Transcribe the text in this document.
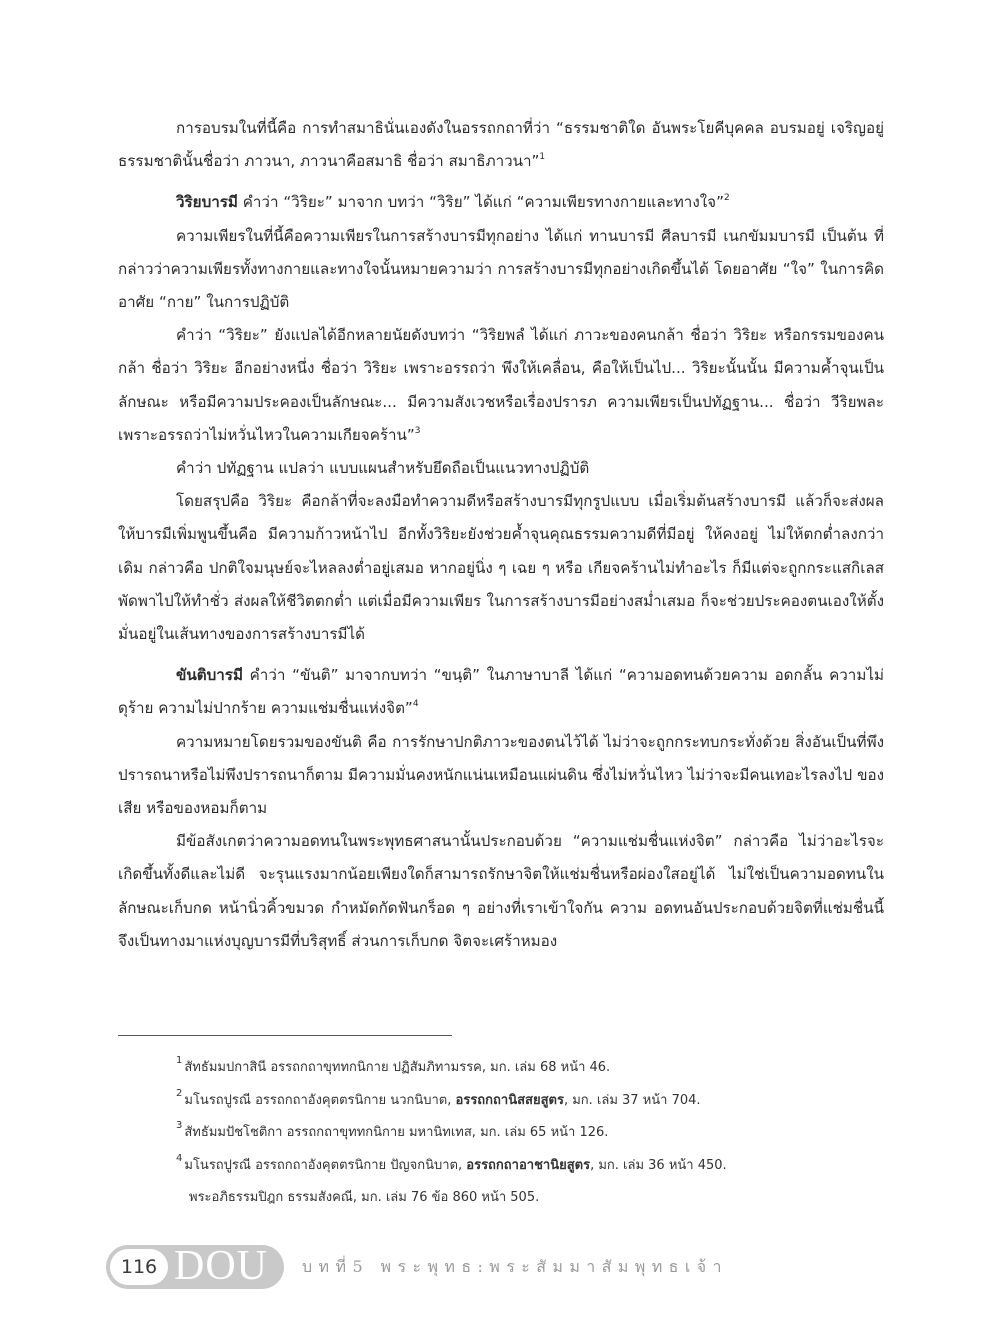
การอบรมในที่นี้คือ การทำสมาธินั่นเองดังในอรรถกถาที่ว่า “ธรรมชาติใด อันพระโยคีบุคคล อบรมอยู่ เจริญอยู่ ธรรมชาตินั้นชื่อว่า ภาวนา, ภาวนาคือสมาธิ ชื่อว่า สมาธิภาวนา”$^1$

วิริยบารมี คำว่า “วิริยะ” มาจาก บทว่า “วิริย” ได้แก่ “ความเพียรทางกายและทางใจ”$^2$

ความเพียรในที่นี้คือความเพียรในการสร้างบารมีทุกอย่าง ได้แก่ ทานบารมี ศีลบารมี เนกขัมมบารมี เป็นต้น ที่กล่าวว่าความเพียรทั้งทางกายและทางใจนั้นหมายความว่า การสร้างบารมีทุกอย่างเกิดขึ้นได้ โดยอาศัย “ใจ” ในการคิด อาศัย “กาย” ในการปฏิบัติ

คำว่า “วิริยะ” ยังแปลได้อีกหลายนัยดังบทว่า “วิริยพลํ ได้แก่ ภาวะของคนกล้า ชื่อว่า วิริยะ หรือกรรมของคนกล้า ชื่อว่า วิริยะ อีกอย่างหนึ่ง ชื่อว่า วิริยะ เพราะอรรถว่า พึงให้เคลื่อน, คือให้เป็นไป... วิริยะนั้นนั้น มีความค้ำจุนเป็นลักษณะ หรือมีความประคองเป็นลักษณะ... มีความสังเวชหรือเรื่องปรารภ ความเพียรเป็นปทัฏฐาน... ชื่อว่า วีริยพละ เพราะอรรถว่าไม่หวั่นไหวในความเกียจคร้าน”$^3$

คำว่า ปทัฏฐาน แปลว่า แบบแผนสำหรับยึดถือเป็นแนวทางปฏิบัติ

โดยสรุปคือ วิริยะ คือกล้าที่จะลงมือทำความดีหรือสร้างบารมีทุกรูปแบบ เมื่อเริ่มต้นสร้างบารมี แล้วก็จะส่งผลให้บารมีเพิ่มพูนขึ้นคือ มีความก้าวหน้าไป อีกทั้งวิริยะยังช่วยค้ำจุนคุณธรรมความดีที่มีอยู่ ให้คงอยู่ ไม่ให้ตกต่ำลงกว่าเดิม กล่าวคือ ปกติใจมนุษย์จะไหลลงต่ำอยู่เสมอ หากอยู่นิ่ง ๆ เฉย ๆ หรือ เกียจคร้านไม่ทำอะไร ก็มีแต่จะถูกกระแสกิเลสพัดพาไปให้ทำชั่ว ส่งผลให้ชีวิตตกต่ำ แต่เมื่อมีความเพียร ในการสร้างบารมีอย่างสม่ำเสมอ ก็จะช่วยประคองตนเองให้ตั้งมั่นอยู่ในเส้นทางของการสร้างบารมีได้

ขันติบารมี คำว่า “ขันติ” มาจากบทว่า “ขนฺติ” ในภาษาบาลี ได้แก่ “ความอดทนด้วยความ อดกลั้น ความไม่ดุร้าย ความไม่ปากร้าย ความแช่มชื่นแห่งจิต”$^4$

ความหมายโดยรวมของขันติ คือ การรักษาปกติภาวะของตนไว้ได้ ไม่ว่าจะถูกกระทบกระทั่งด้วย สิ่งอันเป็นที่พึงปรารถนาหรือไม่พึงปรารถนาก็ตาม มีความมั่นคงหนักแน่นเหมือนแผ่นดิน ซึ่งไม่หวั่นไหว ไม่ว่าจะมีคนเทอะไรลงไป ของเสีย หรือของหอมก็ตาม

มีข้อสังเกตว่าความอดทนในพระพุทธศาสนานั้นประกอบด้วย “ความแช่มชื่นแห่งจิต” กล่าวคือ ไม่ว่าอะไรจะเกิดขึ้นทั้งดีและไม่ดี จะรุนแรงมากน้อยเพียงใดก็สามารถรักษาจิตให้แช่มชื่นหรือผ่องใสอยู่ได้ ไม่ใช่เป็นความอดทนในลักษณะเก็บกด หน้านิ่วคิ้วขมวด กำหมัดกัดฟันกร็อด ๆ อย่างที่เราเข้าใจกัน ความ อดทนอันประกอบด้วยจิตที่แช่มชื่นนี้ จึงเป็นทางมาแห่งบุญบารมีที่บริสุทธิ์ ส่วนการเก็บกด จิตจะเศร้าหมอง

$^1$ สัทธัมมปกาสินี อรรถกถาขุททกนิกาย ปฏิสัมภิทามรรค, มก. เล่ม 68 หน้า 46.
$^2$ มโนรถปูรณี อรรถกถาอังคุตตรนิกาย นวกนิบาต, อรรถกถานิสสยสูตร, มก. เล่ม 37 หน้า 704.
$^3$ สัทธัมมปัชโชติกา อรรถกถาขุททกนิกาย มหานิทเทส, มก. เล่ม 65 หน้า 126.
$^4$ มโนรถปูรณี อรรถกถาอังคุตตรนิกาย ปัญจกนิบาต, อรรถกถาอาชานิยสูตร, มก. เล่ม 36 หน้า 450.
พระอภิธรรมปิฎก ธรรมสังคณี, มก. เล่ม 76 ข้อ 860 หน้า 505.
116 DOU บทที่5 พระพุทธ:พระสัมมาสัมพุทธเจ้า
